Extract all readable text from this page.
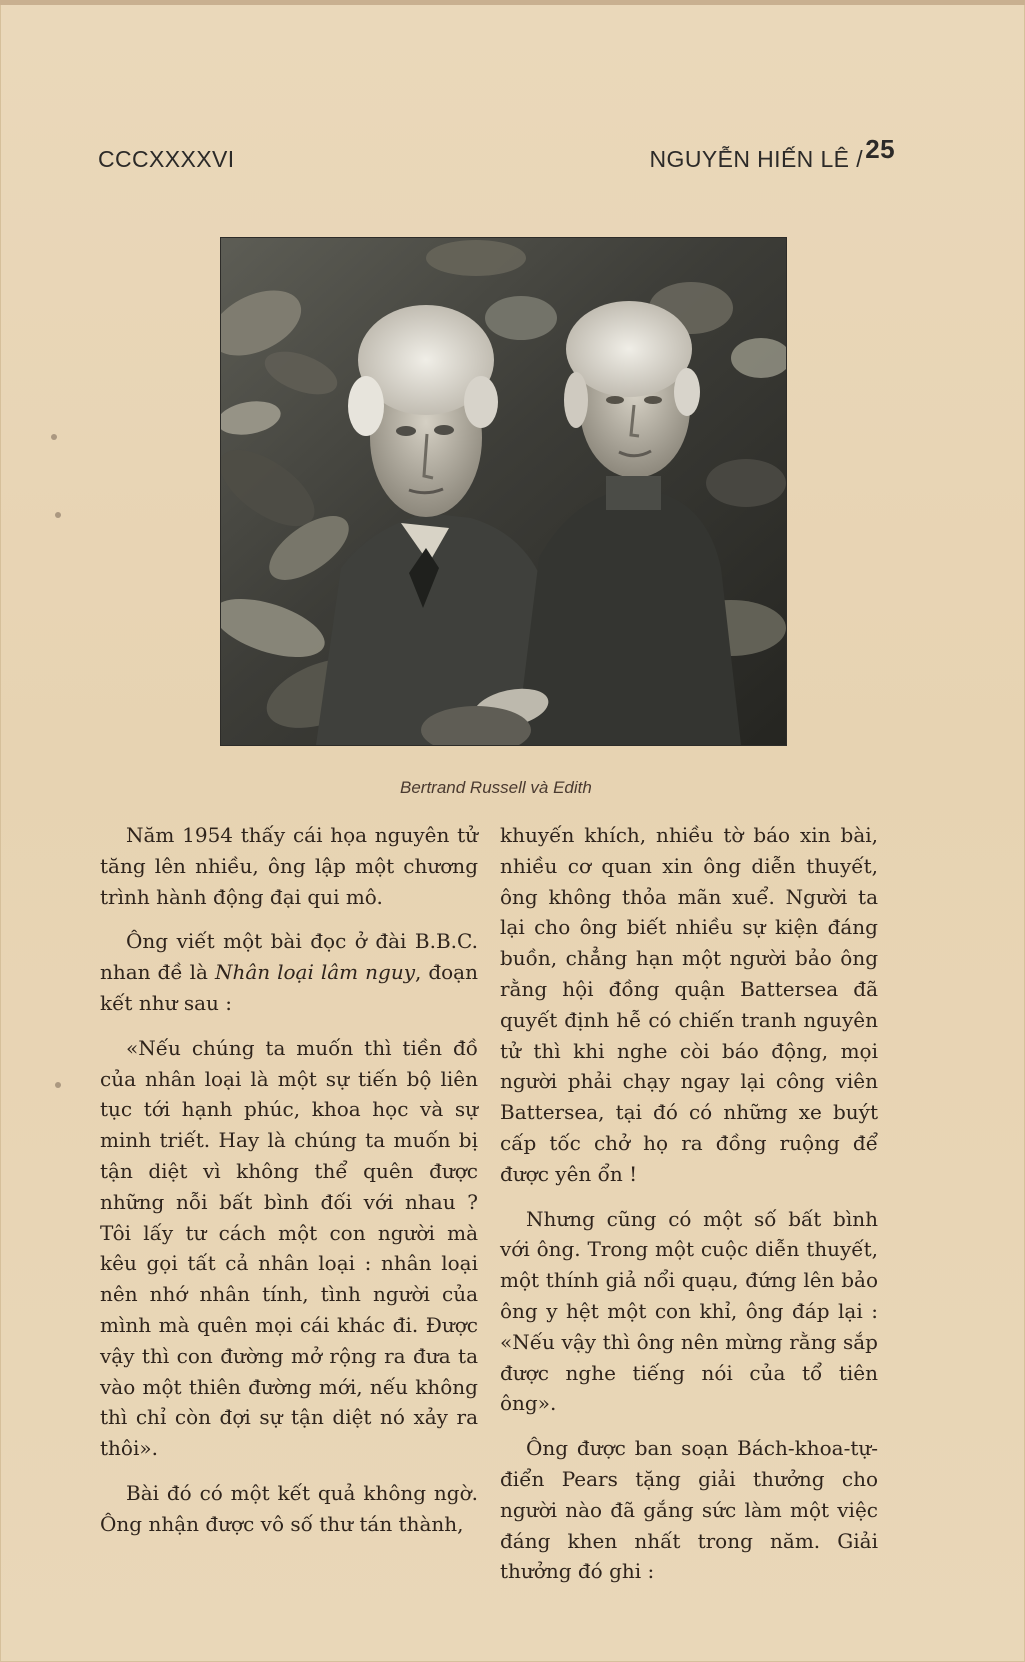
CCCXXXXVI	NGUYỄN HIẾN LÊ / 25
Bertrand Russell và Edith

Năm 1954 thấy cái họa nguyên tử tăng lên nhiều, ông lập một chương trình hành động đại qui mô.

Ông viết một bài đọc ở đài B.B.C. nhan đề là Nhân loại lâm nguy, đoạn kết như sau :

«Nếu chúng ta muốn thì tiền đồ của nhân loại là một sự tiến bộ liên tục tới hạnh phúc, khoa học và sự minh triết. Hay là chúng ta muốn bị tận diệt vì không thể quên được những nỗi bất bình đối với nhau ? Tôi lấy tư cách một con người mà kêu gọi tất cả nhân loại : nhân loại nên nhớ nhân tính, tình người của mình mà quên mọi cái khác đi. Được vậy thì con đường mở rộng ra đưa ta vào một thiên đường mới, nếu không thì chỉ còn đợi sự tận diệt nó xảy ra thôi».

Bài đó có một kết quả không ngờ. Ông nhận được vô số thư tán thành,

khuyến khích, nhiều tờ báo xin bài, nhiều cơ quan xin ông diễn thuyết, ông không thỏa mãn xuể. Người ta lại cho ông biết nhiều sự kiện đáng buồn, chẳng hạn một người bảo ông rằng hội đồng quận Battersea đã quyết định hễ có chiến tranh nguyên tử thì khi nghe còi báo động, mọi người phải chạy ngay lại công viên Battersea, tại đó có những xe buýt cấp tốc chở họ ra đồng ruộng để được yên ổn !

Nhưng cũng có một số bất bình với ông. Trong một cuộc diễn thuyết, một thính giả nổi quạu, đứng lên bảo ông y hệt một con khỉ, ông đáp lại : «Nếu vậy thì ông nên mừng rằng sắp được nghe tiếng nói của tổ tiên ông».

Ông được ban soạn Bách-khoa-tự-điển Pears tặng giải thưởng cho người nào đã gắng sức làm một việc đáng khen nhất trong năm. Giải thưởng đó ghi :
